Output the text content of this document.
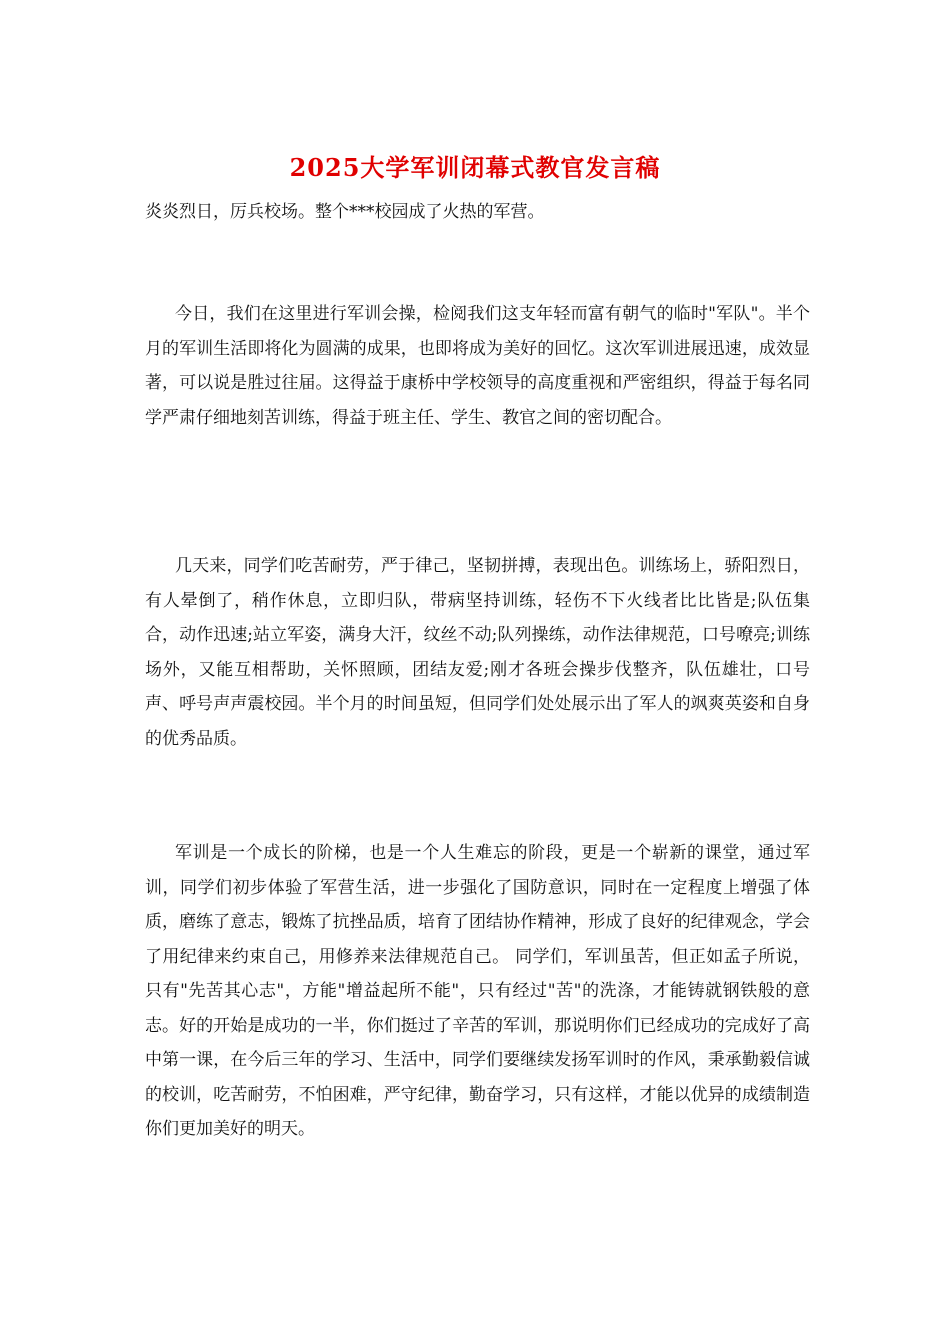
2025大学军训闭幕式教官发言稿
炎炎烈日，厉兵校场。整个***校园成了火热的军营。

今日，我们在这里进行军训会操，检阅我们这支年轻而富有朝气的临时"军队"。半个月的军训生活即将化为圆满的成果，也即将成为美好的回忆。这次军训进展迅速，成效显著，可以说是胜过往届。这得益于康桥中学校领导的高度重视和严密组织，得益于每名同学严肃仔细地刻苦训练，得益于班主任、学生、教官之间的密切配合。

几天来，同学们吃苦耐劳，严于律己，坚韧拼搏，表现出色。训练场上，骄阳烈日，有人晕倒了，稍作休息，立即归队，带病坚持训练，轻伤不下火线者比比皆是;队伍集合，动作迅速;站立军姿，满身大汗，纹丝不动;队列操练，动作法律规范，口号嘹亮;训练场外，又能互相帮助，关怀照顾，团结友爱;刚才各班会操步伐整齐，队伍雄壮，口号声、呼号声声震校园。半个月的时间虽短，但同学们处处展示出了军人的飒爽英姿和自身的优秀品质。

军训是一个成长的阶梯，也是一个人生难忘的阶段，更是一个崭新的课堂，通过军训，同学们初步体验了军营生活，进一步强化了国防意识，同时在一定程度上增强了体质，磨练了意志，锻炼了抗挫品质，培育了团结协作精神，形成了良好的纪律观念，学会了用纪律来约束自己，用修养来法律规范自己。 同学们，军训虽苦，但正如孟子所说，只有"先苦其心志"，方能"增益起所不能"，只有经过"苦"的洗涤，才能铸就钢铁般的意志。好的开始是成功的一半，你们挺过了辛苦的军训，那说明你们已经成功的完成好了高中第一课，在今后三年的学习、生活中，同学们要继续发扬军训时的作风，秉承勤毅信诚的校训，吃苦耐劳，不怕困难，严守纪律，勤奋学习，只有这样，才能以优异的成绩制造你们更加美好的明天。
